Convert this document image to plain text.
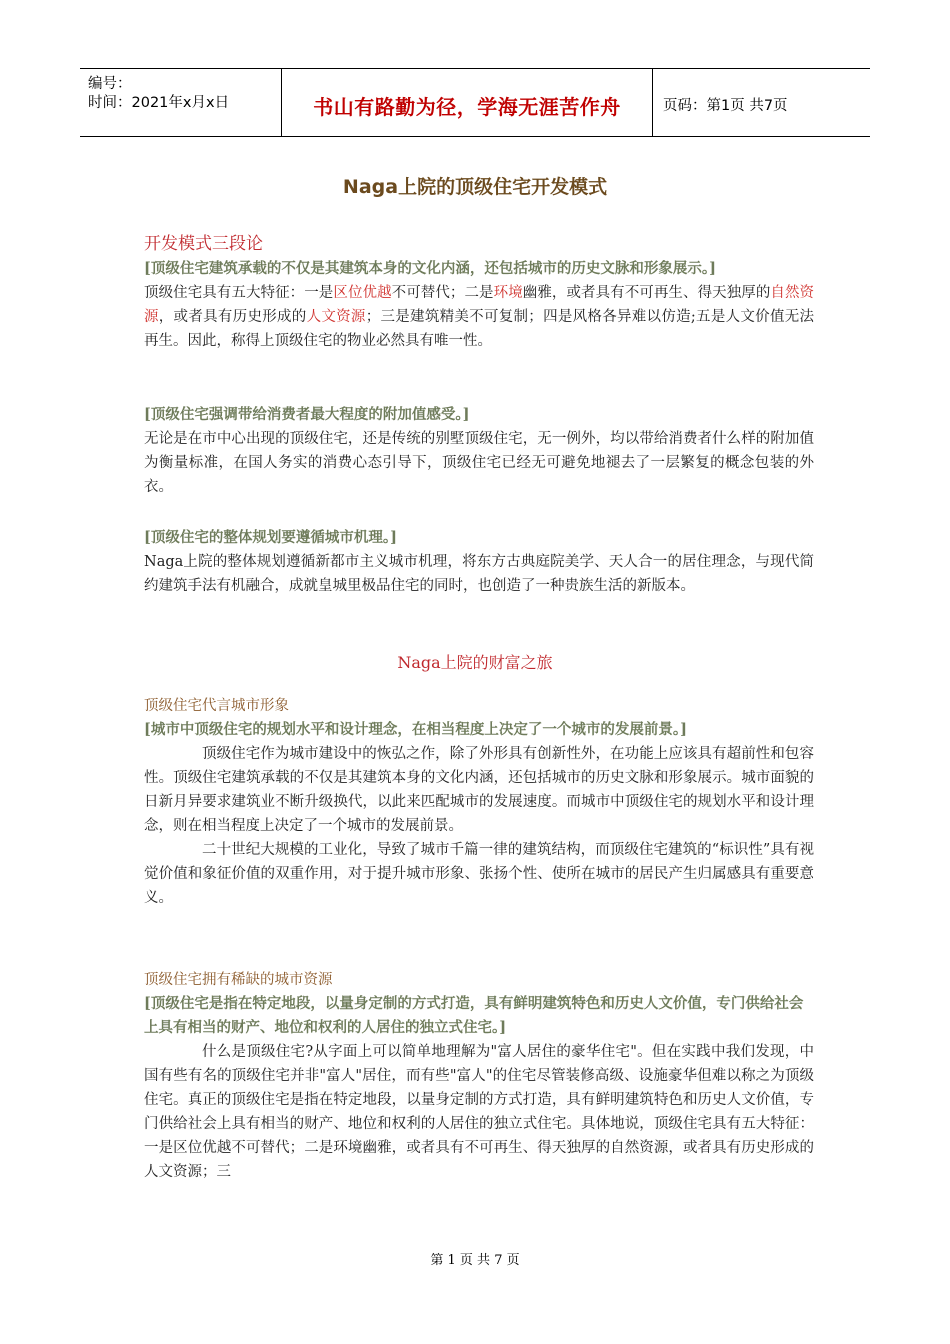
编号：
时间：2021年x月x日	书山有路勤为径，学海无涯苦作舟	页码：第1页 共7页
Naga上院的顶级住宅开发模式
开发模式三段论
[顶级住宅建筑承载的不仅是其建筑本身的文化内涵，还包括城市的历史文脉和形象展示。]
顶级住宅具有五大特征：一是区位优越不可替代；二是环境幽雅，或者具有不可再生、得天独厚的自然资源，或者具有历史形成的人文资源；三是建筑精美不可复制；四是风格各异难以仿造;五是人文价值无法再生。因此，称得上顶级住宅的物业必然具有唯一性。
[顶级住宅强调带给消费者最大程度的附加值感受。]
无论是在市中心出现的顶级住宅，还是传统的别墅顶级住宅，无一例外，均以带给消费者什么样的附加值为衡量标准，在国人务实的消费心态引导下，顶级住宅已经无可避免地褪去了一层繁复的概念包装的外衣。
[顶级住宅的整体规划要遵循城市机理。]
Naga上院的整体规划遵循新都市主义城市机理，将东方古典庭院美学、天人合一的居住理念，与现代简约建筑手法有机融合，成就皇城里极品住宅的同时，也创造了一种贵族生活的新版本。
Naga上院的财富之旅
顶级住宅代言城市形象
[城市中顶级住宅的规划水平和设计理念，在相当程度上决定了一个城市的发展前景。]
顶级住宅作为城市建设中的恢弘之作，除了外形具有创新性外，在功能上应该具有超前性和包容性。顶级住宅建筑承载的不仅是其建筑本身的文化内涵，还包括城市的历史文脉和形象展示。城市面貌的日新月异要求建筑业不断升级换代，以此来匹配城市的发展速度。而城市中顶级住宅的规划水平和设计理念，则在相当程度上决定了一个城市的发展前景。
二十世纪大规模的工业化，导致了城市千篇一律的建筑结构，而顶级住宅建筑的“标识性”具有视觉价值和象征价值的双重作用，对于提升城市形象、张扬个性、使所在城市的居民产生归属感具有重要意义。
顶级住宅拥有稀缺的城市资源
[顶级住宅是指在特定地段，以量身定制的方式打造，具有鲜明建筑特色和历史人文价值，专门供给社会上具有相当的财产、地位和权利的人居住的独立式住宅。]
什么是顶级住宅?从字面上可以简单地理解为"富人居住的豪华住宅"。但在实践中我们发现，中国有些有名的顶级住宅并非"富人"居住，而有些"富人"的住宅尽管装修高级、设施豪华但难以称之为顶级住宅。真正的顶级住宅是指在特定地段，以量身定制的方式打造，具有鲜明建筑特色和历史人文价值，专门供给社会上具有相当的财产、地位和权利的人居住的独立式住宅。具体地说，顶级住宅具有五大特征：一是区位优越不可替代；二是环境幽雅，或者具有不可再生、得天独厚的自然资源，或者具有历史形成的人文资源；三
第 1 页 共 7 页
